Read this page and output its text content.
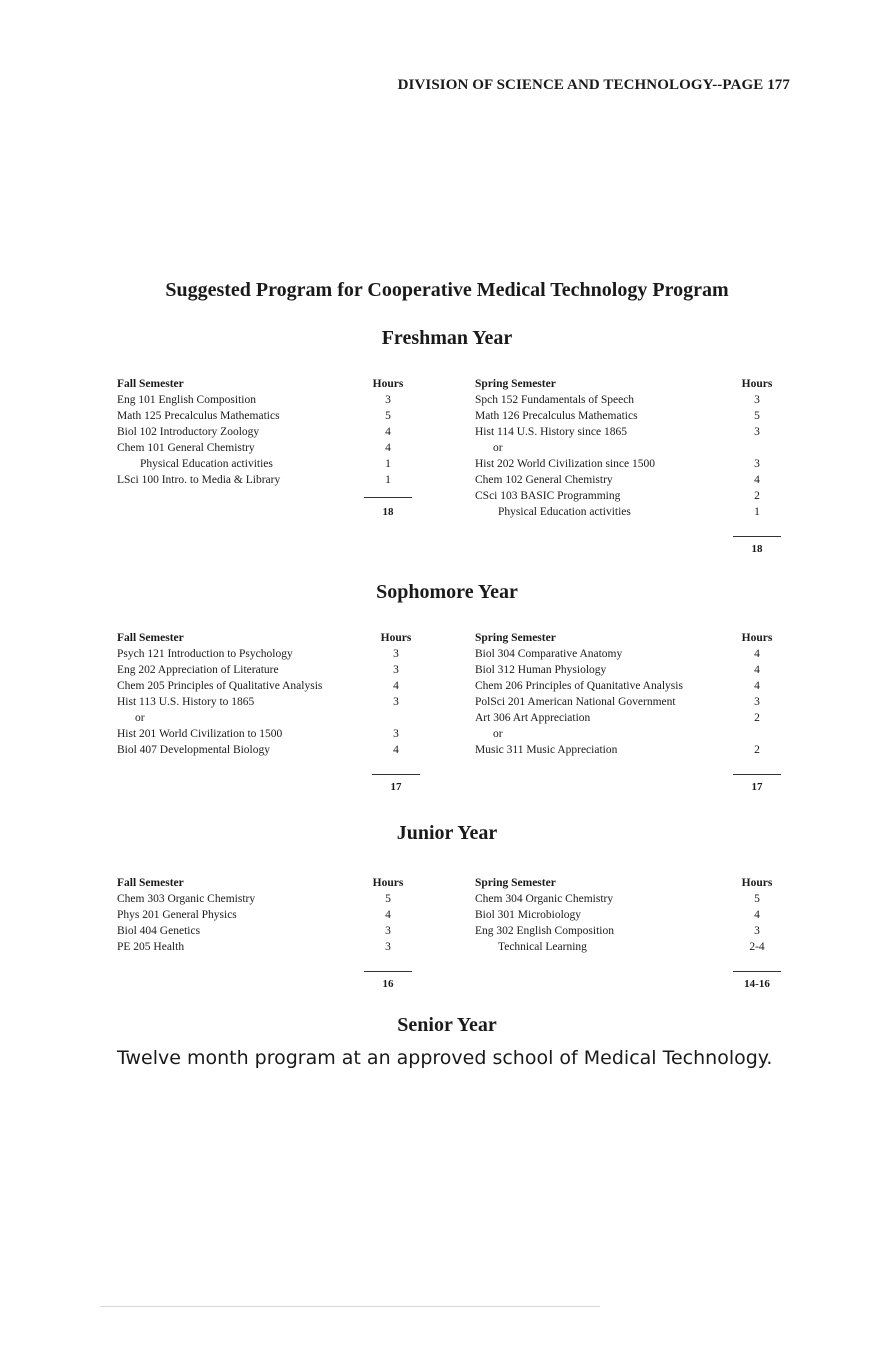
DIVISION OF SCIENCE AND TECHNOLOGY--PAGE 177
Suggested Program for Cooperative Medical Technology Program
Freshman Year
Fall Semester	Hours
Eng 101 English Composition	3
Math 125 Precalculus Mathematics	5
Biol 102 Introductory Zoology	4
Chem 101 General Chemistry	4
Physical Education activities	1
LSci 100 Intro. to Media & Library	1
18
Spring Semester	Hours
Spch 152 Fundamentals of Speech	3
Math 126 Precalculus Mathematics	5
Hist 114 U.S. History since 1865	3
or
Hist 202 World Civilization since 1500	3
Chem 102 General Chemistry	4
CSci 103 BASIC Programming	2
Physical Education activities	1
18
Sophomore Year
Fall Semester	Hours
Psych 121 Introduction to Psychology	3
Eng 202 Appreciation of Literature	3
Chem 205 Principles of Qualitative Analysis	4
Hist 113 U.S. History to 1865	3
or
Hist 201 World Civilization to 1500	3
Biol 407 Developmental Biology	4
17
Spring Semester	Hours
Biol 304 Comparative Anatomy	4
Biol 312 Human Physiology	4
Chem 206 Principles of Quanitative Analysis	4
PolSci 201 American National Government	3
Art 306 Art Appreciation	2
or
Music 311 Music Appreciation	2
17
Junior Year
Fall Semester	Hours
Chem 303 Organic Chemistry	5
Phys 201 General Physics	4
Biol 404 Genetics	3
PE 205 Health	3
16
Spring Semester	Hours
Chem 304 Organic Chemistry	5
Biol 301 Microbiology	4
Eng 302 English Composition	3
Technical Learning	2-4
14-16
Senior Year
Twelve month program at an approved school of Medical Technology.
